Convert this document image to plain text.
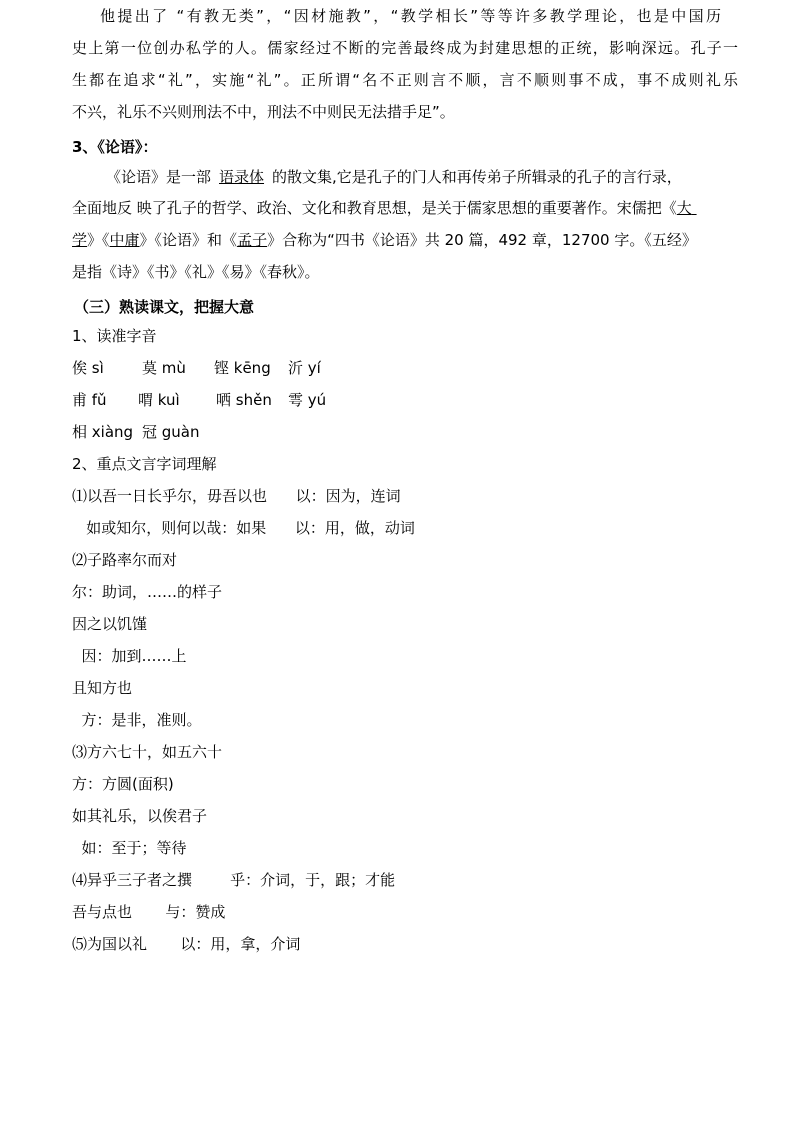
他提出了 “有教无类”，“因材施教”，“教学相长”等等许多教学理论，也是中国历
史上第一位创办私学的人。儒家经过不断的完善最终成为封建思想的正统，影响深远。孔子一
生都在追求“礼”，实施“礼”。正所谓“名不正则言不顺，言不顺则事不成，事不成则礼乐
不兴，礼乐不兴则刑法不中，刑法不中则民无法措手足”。
3、《论语》：
《论语》是一部 语录体 的散文集,它是孔子的门人和再传弟子所辑录的孔子的言行录，
全面地反 映了孔子的哲学、政治、文化和教育思想，是关于儒家思想的重要著作。宋儒把《大
学》《中庸》《论语》和《孟子》合称为“四书《论语》共 20 篇，492 章，12700 字。《五经》
是指《诗》《书》《礼》《易》《春秋》。
（三）熟读课文，把握大意
1、读准字音
俟 sì	莫 mù 铿 kēng 沂 yí
甫 fǔ 喟 kuì 哂 shěn 雩 yú
相 xiàng 冠 guàn
2、重点文言字词理解
⑴以吾一日长乎尔，毋吾以也      以：因为，连词
如或知尔，则何以哉：如果      以：用，做，动词
⑵子路率尔而对
尔：助词，……的样子
因之以饥馑
因：加到……上
且知方也
方：是非，准则。
⑶方六七十，如五六十
方：方圆(面积)
如其礼乐，以俟君子
如：至于；等待
⑷异乎三子者之撰        乎：介词，于，跟；才能
吾与点也       与：赞成
⑸为国以礼       以：用，拿，介词
